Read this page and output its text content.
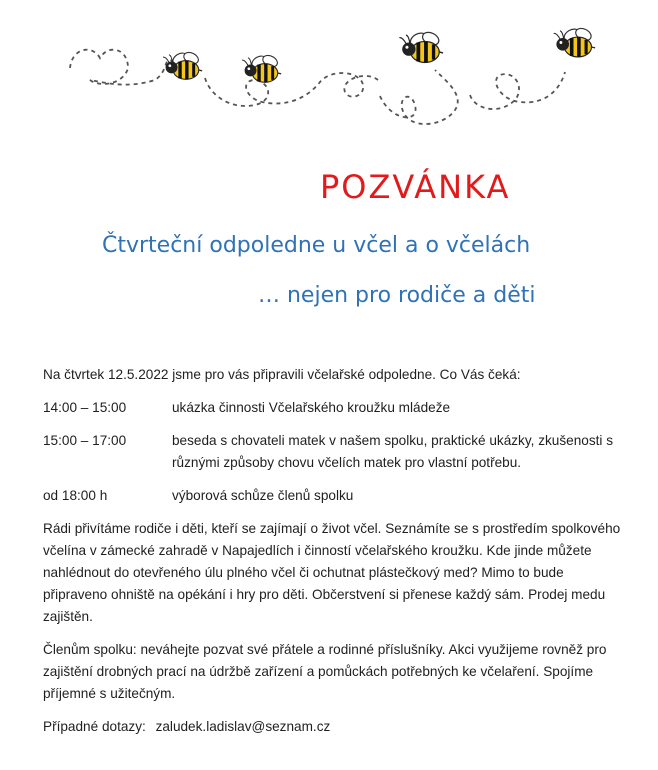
POZVÁNKA
Čtvrteční odpoledne u včel a o včelách
… nejen pro rodiče a děti
Na čtvrtek 12.5.2022 jsme pro vás připravili včelařské odpoledne. Co Vás čeká:
14:00 – 15:00	ukázka činnosti Včelařského kroužku mládeže
15:00 – 17:00	beseda s chovateli matek v našem spolku, praktické ukázky, zkušenosti s různými způsoby chovu včelích matek pro vlastní potřebu.
od 18:00 h	výborová schůze členů spolku

Rádi přivítáme rodiče i děti, kteří se zajímají o život včel. Seznámíte se s prostředím spolkového včelína v zámecké zahradě v Napajedlích i činností včelařského kroužku. Kde jinde můžete nahlédnout do otevřeného úlu plného včel či ochutnat plástečkový med? Mimo to bude připraveno ohniště na opékání i hry pro děti. Občerstvení si přenese každý sám. Prodej medu zajištěn.

Členům spolku: neváhejte pozvat své přátele a rodinné příslušníky. Akci využijeme rovněž pro zajištění drobných prací na údržbě zařízení a pomůckách potřebných ke včelaření. Spojíme příjemné s užitečným.

Případné dotazy: zaludek.ladislav@seznam.cz
